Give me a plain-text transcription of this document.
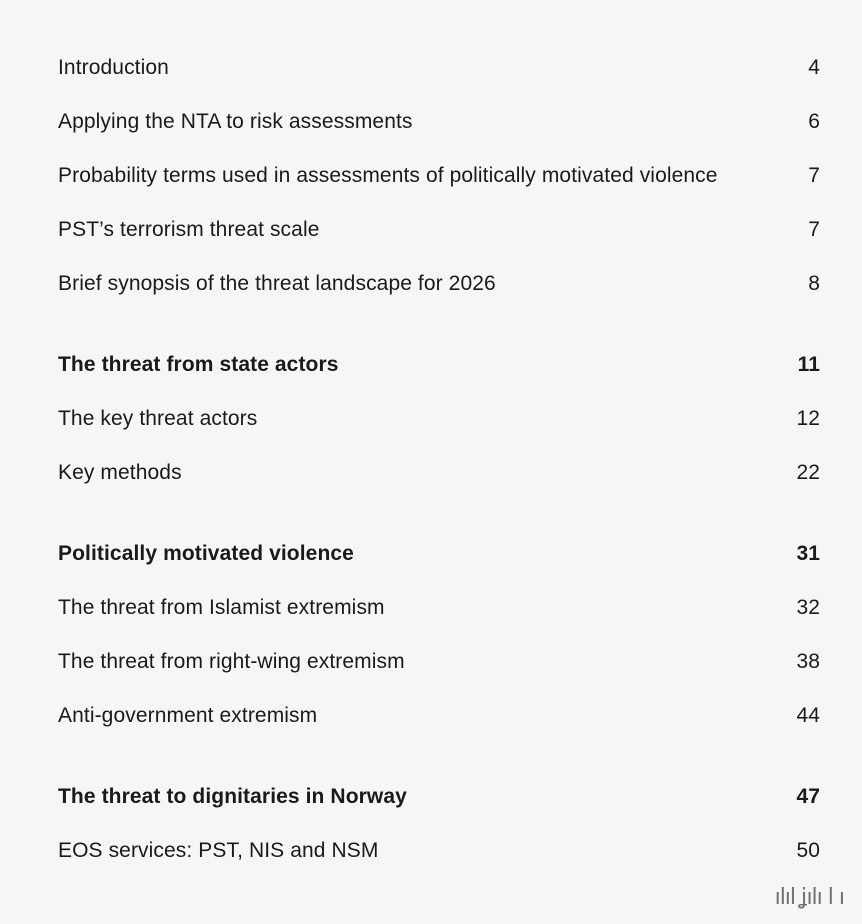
Introduction	4
Applying the NTA to risk assessments	6
Probability terms used in assessments of politically motivated violence	7
PST’s terrorism threat scale	7
Brief synopsis of the threat landscape for 2026	8
The threat from state actors	11
The key threat actors	12
Key methods	22
Politically motivated violence	31
The threat from Islamist extremism	32
The threat from right-wing extremism	38
Anti-government extremism	44
The threat to dignitaries in Norway	47
EOS services: PST, NIS and NSM	50
ılıl ʝılı l ı
